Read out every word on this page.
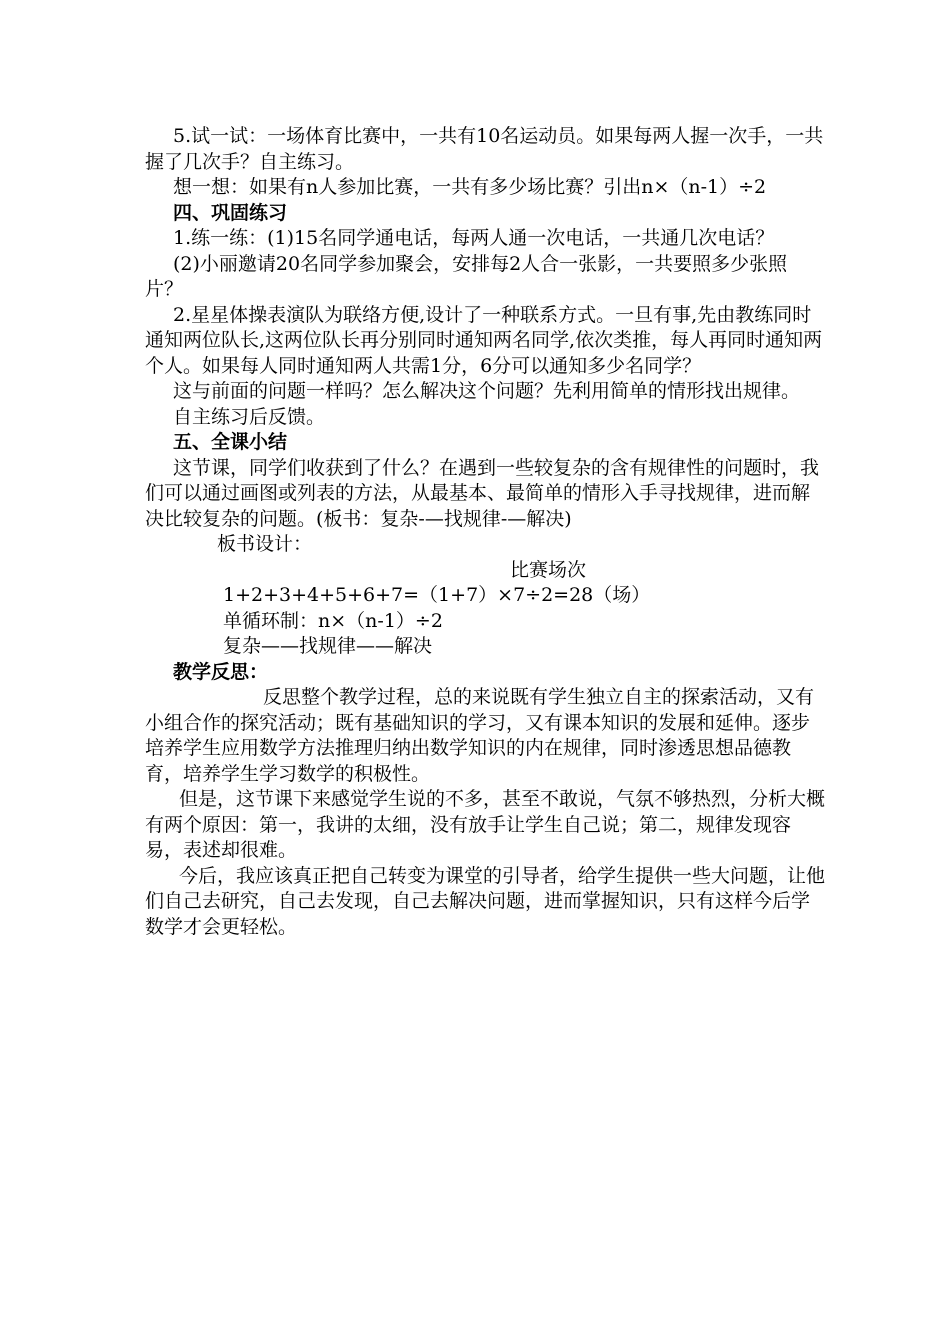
5.试一试：一场体育比赛中，一共有10名运动员。如果每两人握一次手，一共握了几次手？自主练习。

想一想：如果有n人参加比赛，一共有多少场比赛？引出n×（n-1）÷2

四、巩固练习

1.练一练：(1)15名同学通电话，每两人通一次电话，一共通几次电话？

(2)小丽邀请20名同学参加聚会，安排每2人合一张影，一共要照多少张照片？

2.星星体操表演队为联络方便,设计了一种联系方式。一旦有事,先由教练同时通知两位队长,这两位队长再分别同时通知两名同学,依次类推，每人再同时通知两个人。如果每人同时通知两人共需1分，6分可以通知多少名同学？

这与前面的问题一样吗？怎么解决这个问题？先利用简单的情形找出规律。

自主练习后反馈。

五、全课小结

这节课，同学们收获到了什么？在遇到一些较复杂的含有规律性的问题时，我们可以通过画图或列表的方法，从最基本、最简单的情形入手寻找规律，进而解决比较复杂的问题。(板书：复杂-—找规律-—解决)

板书设计：

比赛场次

1+2+3+4+5+6+7=（1+7）×7÷2=28（场）

单循环制：n×（n-1）÷2

复杂——找规律——解决

教学反思：

反思整个教学过程，总的来说既有学生独立自主的探索活动，又有小组合作的探究活动；既有基础知识的学习，又有课本知识的发展和延伸。逐步培养学生应用数学方法推理归纳出数学知识的内在规律，同时渗透思想品德教育，培养学生学习数学的积极性。

但是，这节课下来感觉学生说的不多，甚至不敢说，气氛不够热烈，分析大概有两个原因：第一，我讲的太细，没有放手让学生自己说；第二，规律发现容易，表述却很难。

今后，我应该真正把自己转变为课堂的引导者，给学生提供一些大问题，让他们自己去研究，自己去发现，自己去解决问题，进而掌握知识，只有这样今后学数学才会更轻松。
